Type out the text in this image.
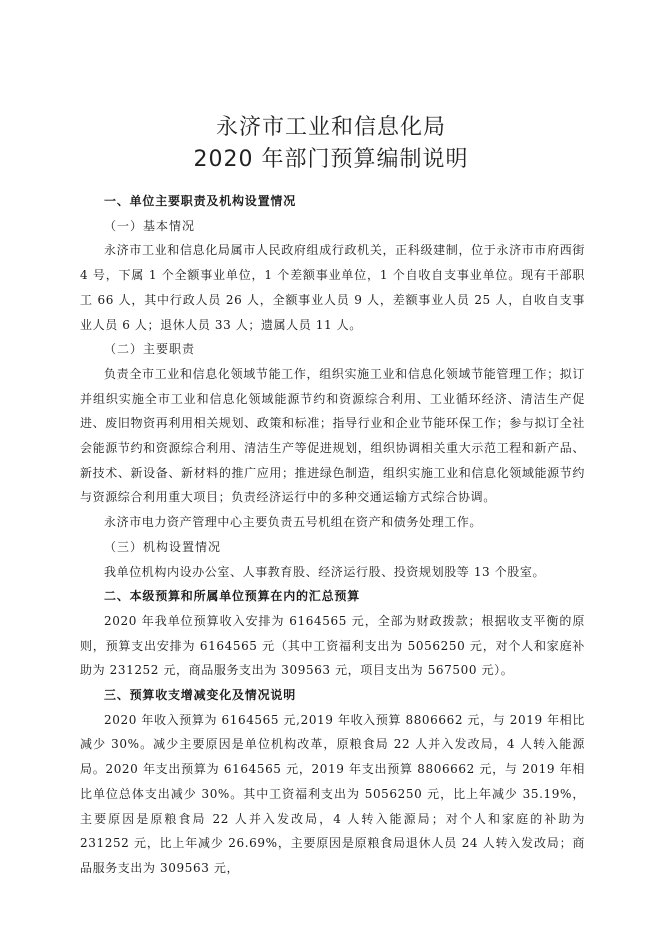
永济市工业和信息化局
2020 年部门预算编制说明

一、单位主要职责及机构设置情况

（一）基本情况

永济市工业和信息化局属市人民政府组成行政机关，正科级建制，位于永济市市府西街 4 号，下属 1 个全额事业单位，1 个差额事业单位，1 个自收自支事业单位。现有干部职工 66 人，其中行政人员 26 人，全额事业人员 9 人，差额事业人员 25 人，自收自支事业人员 6 人；退休人员 33 人；遗属人员 11 人。

（二）主要职责

负责全市工业和信息化领域节能工作，组织实施工业和信息化领域节能管理工作；拟订并组织实施全市工业和信息化领域能源节约和资源综合利用、工业循环经济、清洁生产促进、废旧物资再利用相关规划、政策和标准；指导行业和企业节能环保工作；参与拟订全社会能源节约和资源综合利用、清洁生产等促进规划，组织协调相关重大示范工程和新产品、新技术、新设备、新材料的推广应用；推进绿色制造，组织实施工业和信息化领域能源节约与资源综合利用重大项目；负责经济运行中的多种交通运输方式综合协调。

永济市电力资产管理中心主要负责五号机组在资产和债务处理工作。

（三）机构设置情况

我单位机构内设办公室、人事教育股、经济运行股、投资规划股等 13 个股室。

二、本级预算和所属单位预算在内的汇总预算

2020 年我单位预算收入安排为 6164565 元，全部为财政拨款；根据收支平衡的原则，预算支出安排为 6164565 元（其中工资福利支出为 5056250 元，对个人和家庭补助为 231252 元，商品服务支出为 309563 元，项目支出为 567500 元）。

三、预算收支增减变化及情况说明

2020 年收入预算为 6164565 元,2019 年收入预算 8806662 元，与 2019 年相比减少 30%。减少主要原因是单位机构改革，原粮食局 22 人并入发改局，4 人转入能源局。2020 年支出预算为 6164565 元，2019 年支出预算 8806662 元，与 2019 年相比单位总体支出减少 30%。其中工资福利支出为 5056250 元，比上年减少 35.19%，主要原因是原粮食局 22 人并入发改局，4 人转入能源局；对个人和家庭的补助为 231252 元，比上年减少 26.69%，主要原因是原粮食局退休人员 24 人转入发改局；商品服务支出为 309563 元，
